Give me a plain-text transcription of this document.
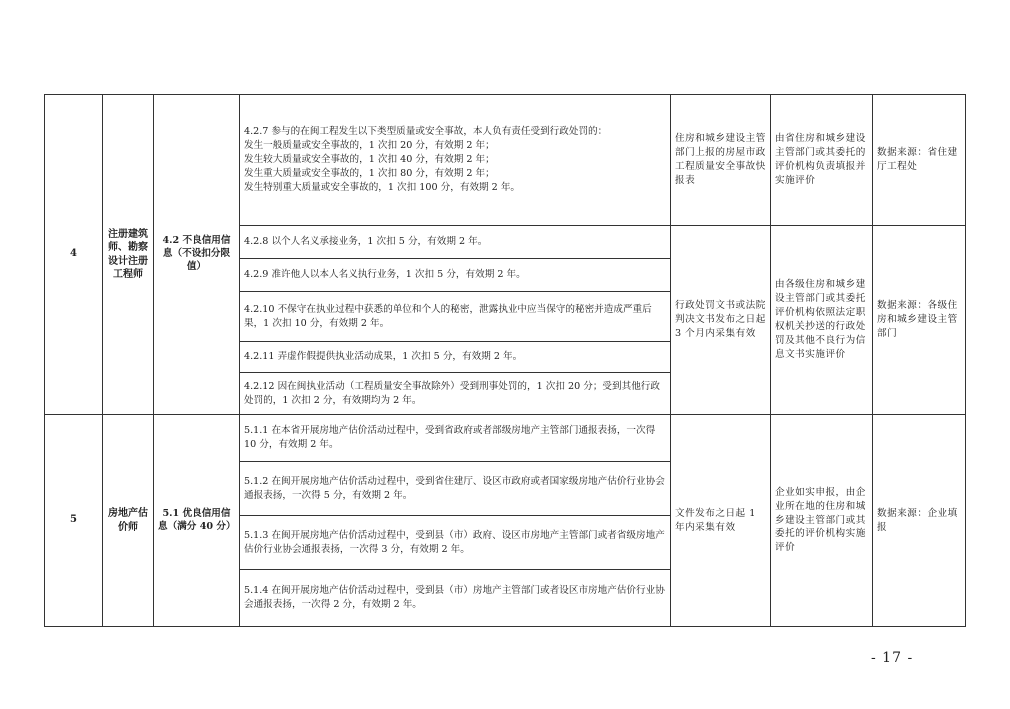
4	注册建筑师、勘察设计注册工程师	4.2 不良信用信息（不设扣分限值）	4.2.7 参与的在闽工程发生以下类型质量或安全事故，本人负有责任受到行政处罚的：
发生一般质量或安全事故的，1 次扣 20 分，有效期 2 年；
发生较大质量或安全事故的，1 次扣 40 分，有效期 2 年；
发生重大质量或安全事故的，1 次扣 80 分，有效期 2 年；
发生特别重大质量或安全事故的，1 次扣 100 分，有效期 2 年。	住房和城乡建设主管部门上报的房屋市政工程质量安全事故快报表	由省住房和城乡建设主管部门或其委托的评价机构负责填报并实施评价	数据来源：省住建厅工程处
			4.2.8 以个人名义承接业务，1 次扣 5 分，有效期 2 年。	行政处罚文书或法院判决文书发布之日起 3 个月内采集有效	由各级住房和城乡建设主管部门或其委托评价机构依照法定职权机关抄送的行政处罚及其他不良行为信息文书实施评价	数据来源：各级住房和城乡建设主管部门
			4.2.9 准许他人以本人名义执行业务，1 次扣 5 分，有效期 2 年。			
			4.2.10 不保守在执业过程中获悉的单位和个人的秘密，泄露执业中应当保守的秘密并造成严重后果，1 次扣 10 分，有效期 2 年。			
			4.2.11 弄虚作假提供执业活动成果，1 次扣 5 分，有效期 2 年。			
			4.2.12 因在闽执业活动（工程质量安全事故除外）受到刑事处罚的，1 次扣 20 分；受到其他行政处罚的，1 次扣 2 分，有效期均为 2 年。			
5	房地产估价师	5.1 优良信用信息（满分 40 分）	5.1.1 在本省开展房地产估价活动过程中，受到省政府或者部级房地产主管部门通报表扬，一次得 10 分，有效期 2 年。	文件发布之日起 1 年内采集有效	企业如实申报，由企业所在地的住房和城乡建设主管部门或其委托的评价机构实施评价	数据来源：企业填报
			5.1.2 在闽开展房地产估价活动过程中，受到省住建厅、设区市政府或者国家级房地产估价行业协会通报表扬，一次得 5 分，有效期 2 年。			
			5.1.3 在闽开展房地产估价活动过程中，受到县（市）政府、设区市房地产主管部门或者省级房地产估价行业协会通报表扬，一次得 3 分，有效期 2 年。			
			5.1.4 在闽开展房地产估价活动过程中，受到县（市）房地产主管部门或者设区市房地产估价行业协会通报表扬，一次得 2 分，有效期 2 年。			
- 17 -
